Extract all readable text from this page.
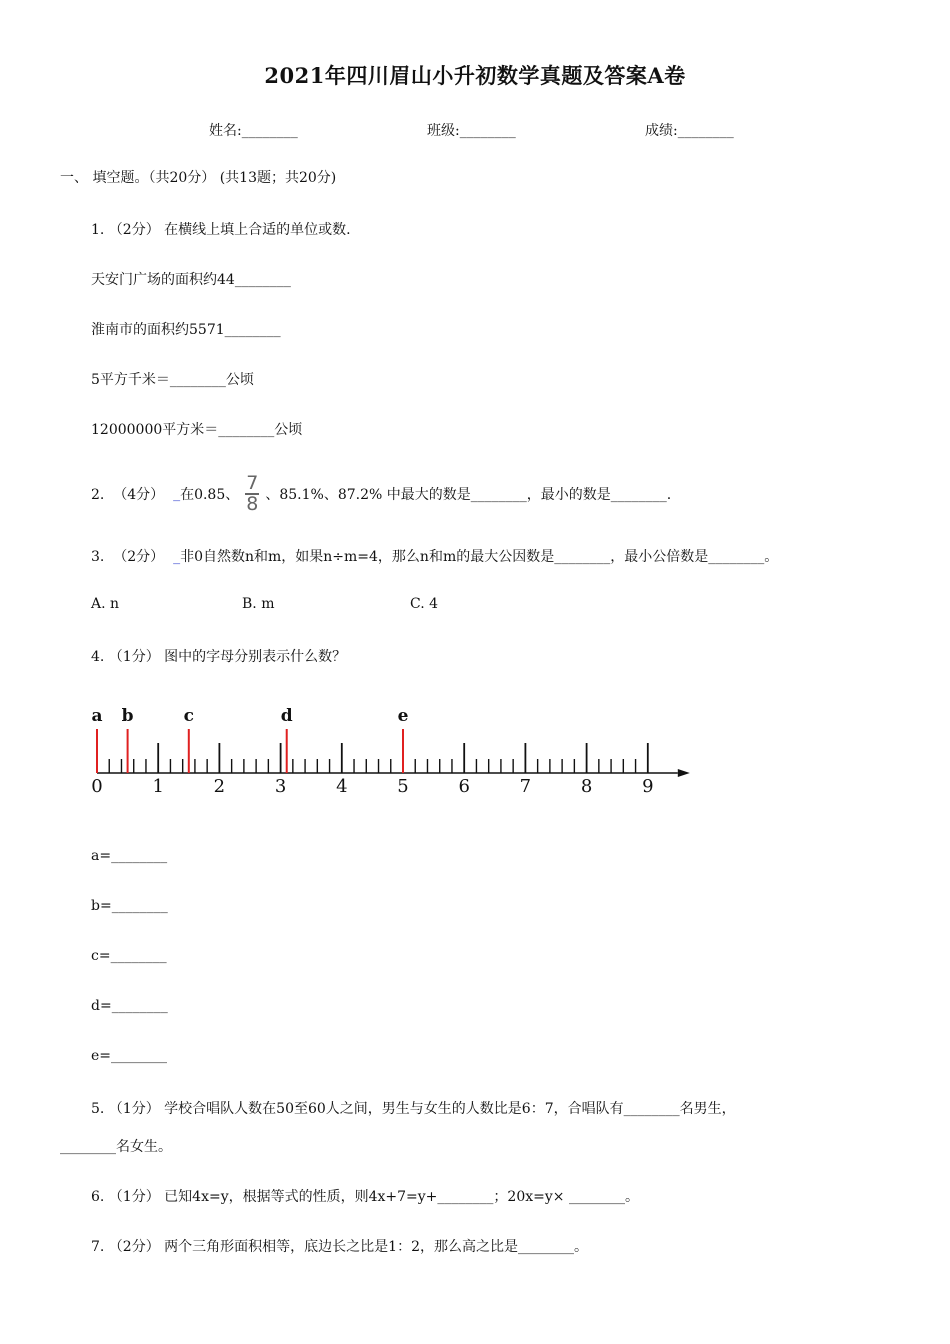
2021年四川眉山小升初数学真题及答案A卷
姓名:________	班级:________	成绩:________
一、 填空题。（共20分） (共13题；共20分)
1. （2分） 在横线上填上合适的单位或数.
天安门广场的面积约44________
淮南市的面积约5571________
5平方千米＝________公顷
12000000平方米＝________公顷
2.  （4分） _ 在0.85、 $\frac{7}{8}$ 、85.1%、87.2% 中最大的数是________，最小的数是________.
3.  （2分）  _非0自然数n和m，如果n÷m=4，那么n和m的最大公因数是________，最小公倍数是________。
A. n	B. m	C. 4
4. （1分） 图中的字母分别表示什么数？
0	1	2	3	4	5	6	7	8	9
a b	c	d	e
a=________
b=________
c=________
d=________
e=________
5. （1分） 学校合唱队人数在50至60人之间，男生与女生的人数比是6：7，合唱队有________名男生，
________名女生。
6. （1分） 已知4x=y，根据等式的性质，则4x+7=y+________；20x=y× ________。
7. （2分） 两个三角形面积相等，底边长之比是1：2，那么高之比是________。
